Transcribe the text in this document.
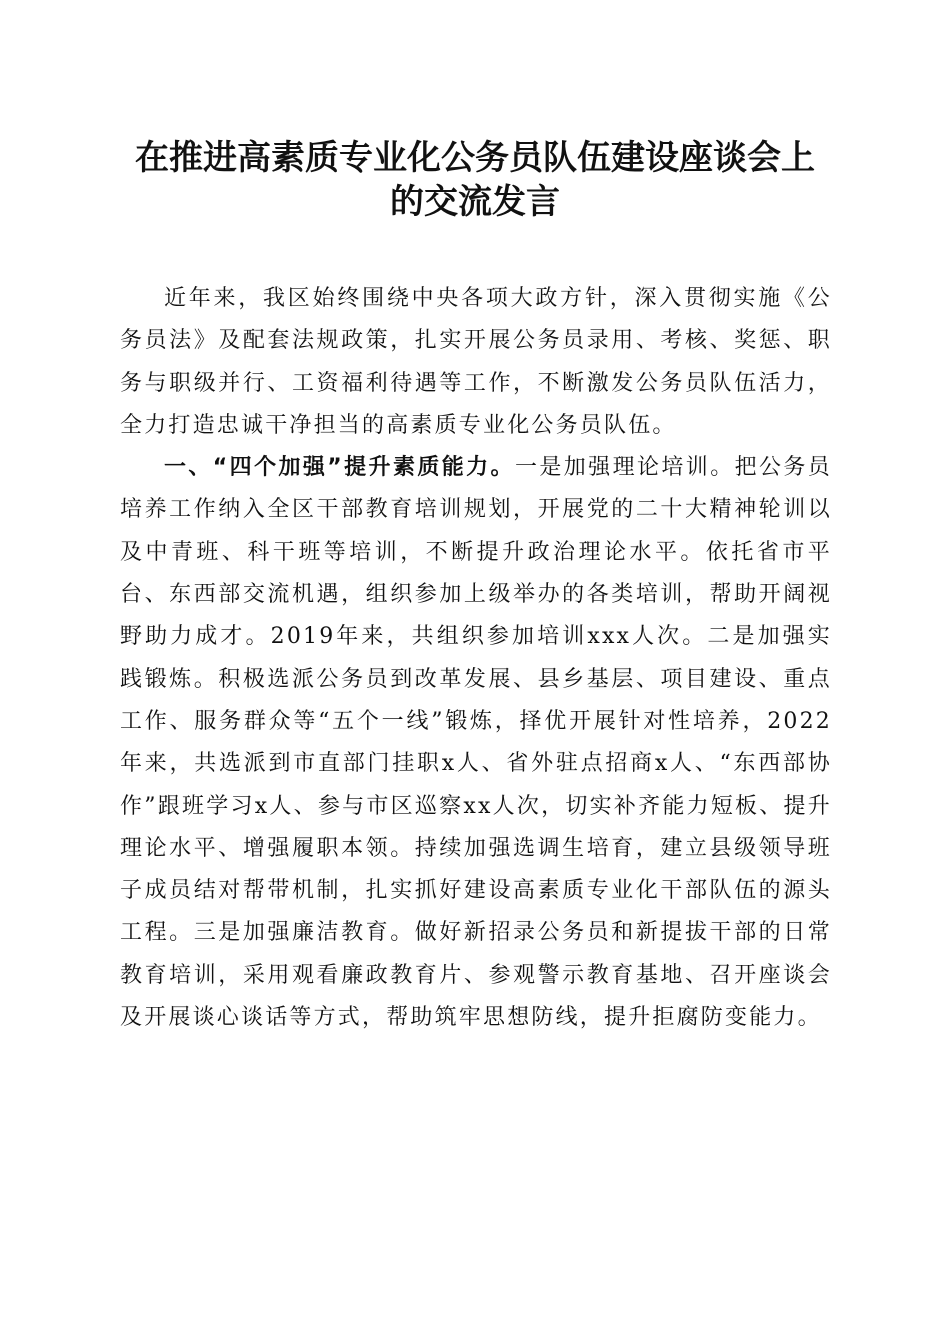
在推进高素质专业化公务员队伍建设座谈会上
的交流发言

近年来，我区始终围绕中央各项大政方针，深入贯彻实施《公务员法》及配套法规政策，扎实开展公务员录用、考核、奖惩、职务与职级并行、工资福利待遇等工作，不断激发公务员队伍活力，全力打造忠诚干净担当的高素质专业化公务员队伍。

一、“四个加强”提升素质能力。一是加强理论培训。把公务员培养工作纳入全区干部教育培训规划，开展党的二十大精神轮训以及中青班、科干班等培训，不断提升政治理论水平。依托省市平台、东西部交流机遇，组织参加上级举办的各类培训，帮助开阔视野助力成才。2019年来，共组织参加培训xxx人次。二是加强实践锻炼。积极选派公务员到改革发展、县乡基层、项目建设、重点工作、服务群众等“五个一线”锻炼，择优开展针对性培养，2022年来，共选派到市直部门挂职x人、省外驻点招商x人、“东西部协作”跟班学习x人、参与市区巡察xx人次，切实补齐能力短板、提升理论水平、增强履职本领。持续加强选调生培育，建立县级领导班子成员结对帮带机制，扎实抓好建设高素质专业化干部队伍的源头工程。三是加强廉洁教育。做好新招录公务员和新提拔干部的日常教育培训，采用观看廉政教育片、参观警示教育基地、召开座谈会及开展谈心谈话等方式，帮助筑牢思想防线，提升拒腐防变能力。
